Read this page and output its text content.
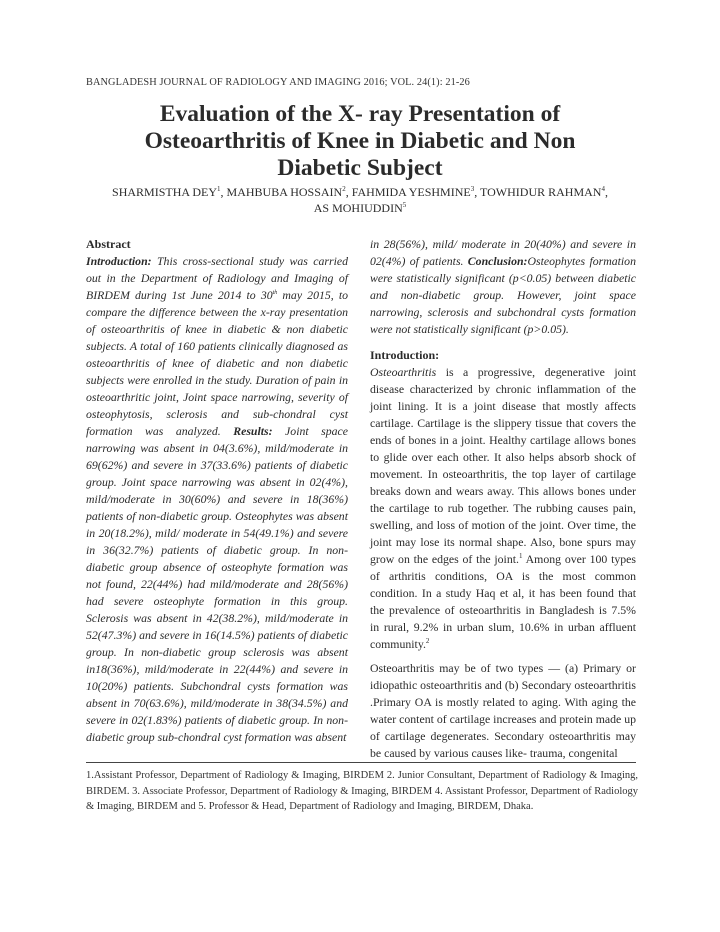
BANGLADESH JOURNAL OF RADIOLOGY AND IMAGING 2016; VOL. 24(1): 21-26
Evaluation of the X- ray Presentation of
Osteoarthritis of Knee in Diabetic and Non
Diabetic Subject
SHARMISTHA DEY$^1$, MAHBUBA HOSSAIN$^2$, FAHMIDA YESHMINE$^3$, TOWHIDUR RAHMAN$^4$,
AS MOHIUDDIN$^5$
Abstract
Introduction: This cross-sectional study was carried out in the Department of Radiology and Imaging of BIRDEM during 1st June 2014 to 30th may 2015, to compare the difference between the x-ray presentation of osteoarthritis of knee in diabetic & non diabetic subjects. A total of 160 patients clinically diagnosed as osteoarthritis of knee of diabetic and non diabetic subjects were enrolled in the study. Duration of pain in osteoarthritic joint, Joint space narrowing, severity of osteophytosis, sclerosis and sub-chondral cyst formation was analyzed. Results: Joint space narrowing was absent in 04(3.6%), mild/moderate in 69(62%) and severe in 37(33.6%) patients of diabetic group. Joint space narrowing was absent in 02(4%), mild/moderate in 30(60%) and severe in 18(36%) patients of non-diabetic group. Osteophytes was absent in 20(18.2%), mild/ moderate in 54(49.1%) and severe in 36(32.7%) patients of diabetic group. In non-diabetic group absence of osteophyte formation was not found, 22(44%) had mild/moderate and 28(56%) had severe osteophyte formation in this group. Sclerosis was absent in 42(38.2%), mild/moderate in 52(47.3%) and severe in 16(14.5%) patients of diabetic group. In non-diabetic group sclerosis was absent in18(36%), mild/moderate in 22(44%) and severe in 10(20%) patients. Subchondral cysts formation was absent in 70(63.6%), mild/moderate in 38(34.5%) and severe in 02(1.83%) patients of diabetic group. In non-diabetic group sub-chondral cyst formation was absent
in 28(56%), mild/ moderate in 20(40%) and severe in 02(4%) of patients. Conclusion:Osteophytes formation were statistically significant (p<0.05) between diabetic and non-diabetic group. However, joint space narrowing, sclerosis and subchondral cysts formation were not statistically significant (p>0.05).
Introduction:
Osteoarthritis is a progressive, degenerative joint disease characterized by chronic inflammation of the joint lining. It is a joint disease that mostly affects cartilage. Cartilage is the slippery tissue that covers the ends of bones in a joint. Healthy cartilage allows bones to glide over each other. It also helps absorb shock of movement. In osteoarthritis, the top layer of cartilage breaks down and wears away. This allows bones under the cartilage to rub together. The rubbing causes pain, swelling, and loss of motion of the joint. Over time, the joint may lose its normal shape. Also, bone spurs may grow on the edges of the joint.$^1$ Among over 100 types of arthritis conditions, OA is the most common condition. In a study Haq et al, it has been found that the prevalence of osteoarthritis in Bangladesh is 7.5% in rural, 9.2% in urban slum, 10.6% in urban affluent community.$^2$
Osteoarthritis may be of two types — (a) Primary or idiopathic osteoarthritis and (b) Secondary osteoarthritis .Primary OA is mostly related to aging. With aging the water content of cartilage increases and protein made up of cartilage degenerates. Secondary osteoarthritis may be caused by various causes like- trauma, congenital
1.Assistant Professor, Department of Radiology & Imaging, BIRDEM 2. Junior Consultant, Department of Radiology & Imaging, BIRDEM. 3. Associate Professor, Department of Radiology & Imaging, BIRDEM 4. Assistant Professor, Department of Radiology & Imaging, BIRDEM and 5. Professor & Head, Department of Radiology and Imaging, BIRDEM, Dhaka.
